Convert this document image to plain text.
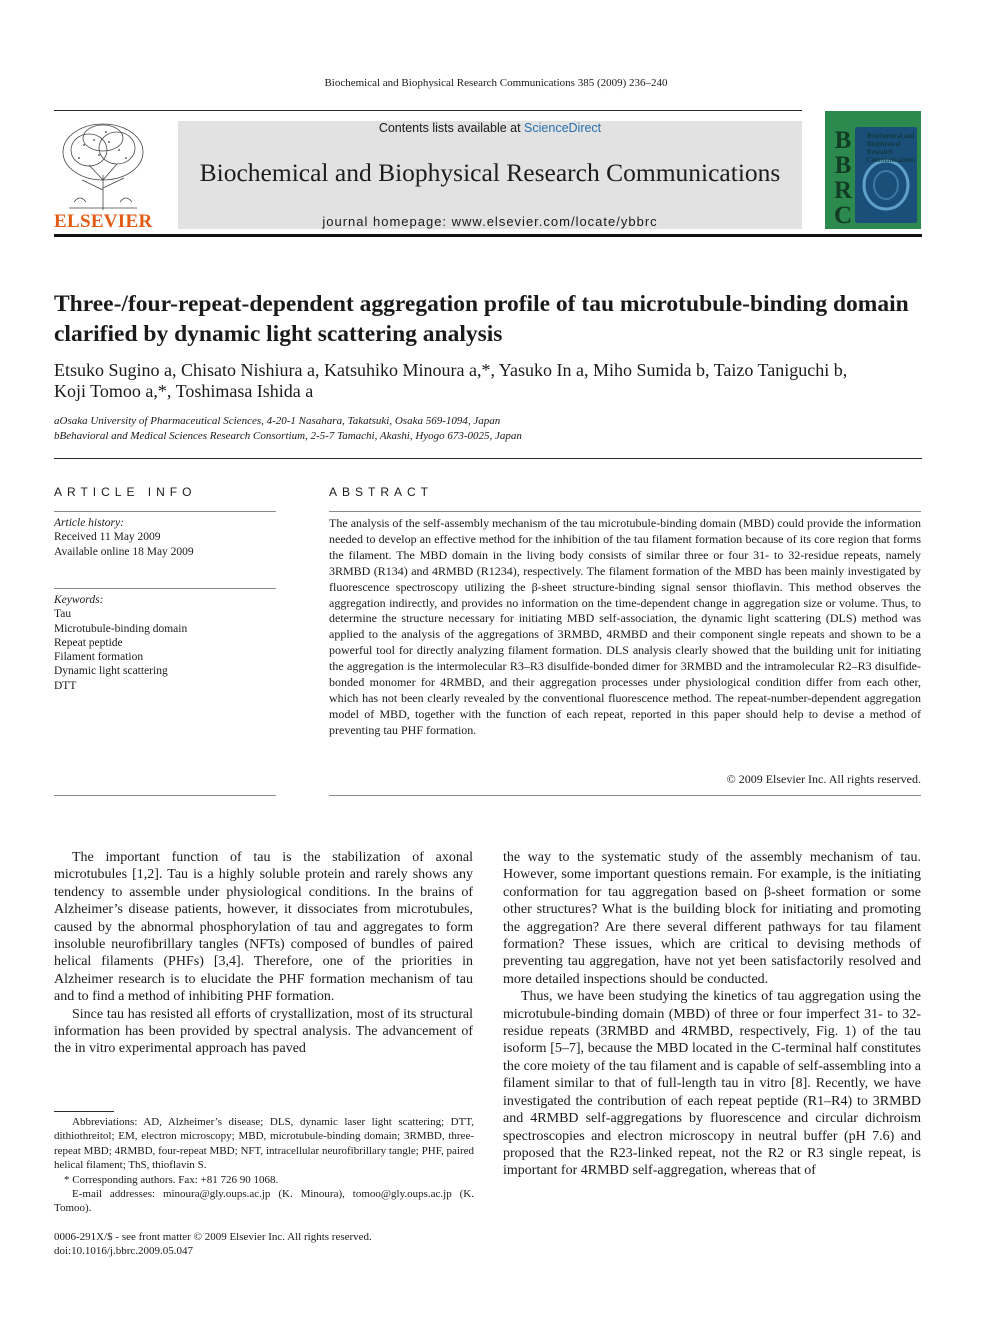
Biochemical and Biophysical Research Communications 385 (2009) 236–240
ELSEVIER
Contents lists available at ScienceDirect
Biochemical and Biophysical Research Communications
journal homepage: www.elsevier.com/locate/ybbrc
B
B
R
C
Biochemical and Biophysical Research Communications
Three-/four-repeat-dependent aggregation profile of tau microtubule-binding domain clarified by dynamic light scattering analysis
Etsuko Sugino a, Chisato Nishiura a, Katsuhiko Minoura a,*, Yasuko In a, Miho Sumida b, Taizo Taniguchi b,
Koji Tomoo a,*, Toshimasa Ishida a
aOsaka University of Pharmaceutical Sciences, 4-20-1 Nasahara, Takatsuki, Osaka 569-1094, Japan
bBehavioral and Medical Sciences Research Consortium, 2-5-7 Tamachi, Akashi, Hyogo 673-0025, Japan
ARTICLE INFO
Article history:
Received 11 May 2009
Available online 18 May 2009
Keywords:
Tau
Microtubule-binding domain
Repeat peptide
Filament formation
Dynamic light scattering
DTT
ABSTRACT
The analysis of the self-assembly mechanism of the tau microtubule-binding domain (MBD) could provide the information needed to develop an effective method for the inhibition of the tau filament formation because of its core region that forms the filament. The MBD domain in the living body consists of similar three or four 31- to 32-residue repeats, namely 3RMBD (R134) and 4RMBD (R1234), respectively. The filament formation of the MBD has been mainly investigated by fluorescence spectroscopy utilizing the β-sheet structure-binding signal sensor thioflavin. This method observes the aggregation indirectly, and provides no information on the time-dependent change in aggregation size or volume. Thus, to determine the structure necessary for initiating MBD self-association, the dynamic light scattering (DLS) method was applied to the analysis of the aggregations of 3RMBD, 4RMBD and their component single repeats and shown to be a powerful tool for directly analyzing filament formation. DLS analysis clearly showed that the building unit for initiating the aggregation is the intermolecular R3–R3 disulfide-bonded dimer for 3RMBD and the intramolecular R2–R3 disulfide-bonded monomer for 4RMBD, and their aggregation processes under physiological condition differ from each other, which has not been clearly revealed by the conventional fluorescence method. The repeat-number-dependent aggregation model of MBD, together with the function of each repeat, reported in this paper should help to devise a method of preventing tau PHF formation.
© 2009 Elsevier Inc. All rights reserved.

The important function of tau is the stabilization of axonal microtubules [1,2]. Tau is a highly soluble protein and rarely shows any tendency to assemble under physiological conditions. In the brains of Alzheimer’s disease patients, however, it dissociates from microtubules, caused by the abnormal phosphorylation of tau and aggregates to form insoluble neurofibrillary tangles (NFTs) composed of bundles of paired helical filaments (PHFs) [3,4]. Therefore, one of the priorities in Alzheimer research is to elucidate the PHF formation mechanism of tau and to find a method of inhibiting PHF formation.

Since tau has resisted all efforts of crystallization, most of its structural information has been provided by spectral analysis. The advancement of the in vitro experimental approach has paved

the way to the systematic study of the assembly mechanism of tau. However, some important questions remain. For example, is the initiating conformation for tau aggregation based on β-sheet formation or some other structures? What is the building block for initiating and promoting the aggregation? Are there several different pathways for tau filament formation? These issues, which are critical to devising methods of preventing tau aggregation, have not yet been satisfactorily resolved and more detailed inspections should be conducted.

Thus, we have been studying the kinetics of tau aggregation using the microtubule-binding domain (MBD) of three or four imperfect 31- to 32-residue repeats (3RMBD and 4RMBD, respectively, Fig. 1) of the tau isoform [5–7], because the MBD located in the C-terminal half constitutes the core moiety of the tau filament and is capable of self-assembling into a filament similar to that of full-length tau in vitro [8]. Recently, we have investigated the contribution of each repeat peptide (R1–R4) to 3RMBD and 4RMBD self-aggregations by fluorescence and circular dichroism spectroscopies and electron microscopy in neutral buffer (pH 7.6) and proposed that the R23-linked repeat, not the R2 or R3 single repeat, is important for 4RMBD self-aggregation, whereas that of

Abbreviations: AD, Alzheimer’s disease; DLS, dynamic laser light scattering; DTT, dithiothreitol; EM, electron microscopy; MBD, microtubule-binding domain; 3RMBD, three-repeat MBD; 4RMBD, four-repeat MBD; NFT, intracellular neurofibrillary tangle; PHF, paired helical filament; ThS, thioflavin S.
* Corresponding authors. Fax: +81 726 90 1068.
E-mail addresses: minoura@gly.oups.ac.jp (K. Minoura), tomoo@gly.oups.ac.jp (K. Tomoo).
0006-291X/$ - see front matter © 2009 Elsevier Inc. All rights reserved.
doi:10.1016/j.bbrc.2009.05.047
